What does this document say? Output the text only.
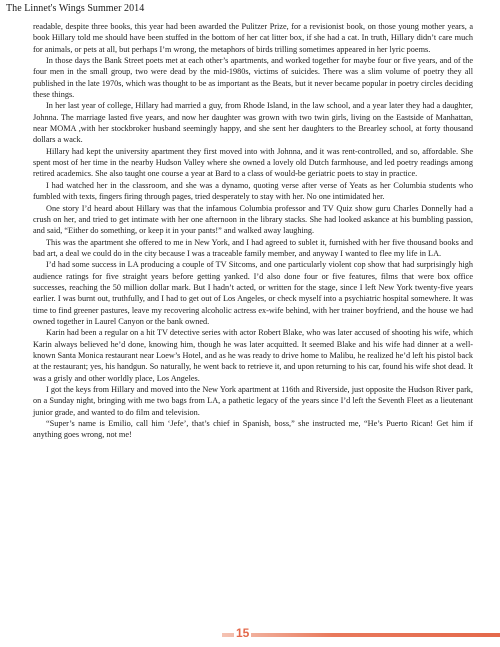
The Linnet's Wings Summer 2014

readable, despite three books, this year had been awarded the Pulitzer Prize, for a revisionist book, on those young mother years, a book Hillary told me should have been stuffed in the bottom of her cat litter box, if she had a cat. In truth, Hillary didn’t care much for animals, or pets at all, but perhaps I’m wrong, the metaphors of birds trilling sometimes appeared in her lyric poems.

In those days the Bank Street poets met at each other’s apartments, and worked together for maybe four or five years, and of the four men in the small group, two were dead by the mid-1980s, victims of suicides. There was a slim volume of poetry they all published in the late 1970s, which was thought to be as important as the Beats, but it never became popular in poetry circles deciding these things.

In her last year of college, Hillary had married a guy, from Rhode Island, in the law school, and a year later they had a daughter, Johnna. The marriage lasted five years, and now her daughter was grown with two twin girls, living on the Eastside of Manhattan, near MOMA ,with her stockbroker husband seemingly happy, and she sent her daughters to the Brearley school, at forty thousand dollars a wack.

Hillary had kept the university apartment they first moved into with Johnna, and it was rent-controlled, and so, affordable. She spent most of her time in the nearby Hudson Valley where she owned a lovely old Dutch farmhouse, and led poetry readings among retired academics. She also taught one course a year at Bard to a class of would-be geriatric poets to stay in practice.

I had watched her in the classroom, and she was a dynamo, quoting verse after verse of Yeats as her Columbia students who fumbled with texts, fingers firing through pages, tried desperately to stay with her. No one intimidated her.

One story I’d heard about Hillary was that the infamous Columbia professor and TV Quiz show guru Charles Donnelly had a crush on her, and tried to get intimate with her one afternoon in the library stacks. She had looked askance at his bumbling passion, and said, “Either do something, or keep it in your pants!” and walked away laughing.

This was the apartment she offered to me in New York, and I had agreed to sublet it, furnished with her five thousand books and bad art, a deal we could do in the city because I was a traceable family member, and anyway I wanted to flee my life in LA.

I’d had some success in LA producing a couple of TV Sitcoms, and one particularly violent cop show that had surprisingly high audience ratings for five straight years before getting yanked. I’d also done four or five features, films that were box office successes, reaching the 50 million dollar mark. But I hadn’t acted, or written for the stage, since I left New York twenty-five years earlier. I was burnt out, truthfully, and I had to get out of Los Angeles, or check myself into a psychiatric hospital somewhere. It was time to find greener pastures, leave my recovering alcoholic actress ex-wife behind, with her trainer boyfriend, and the house we had owned together in Laurel Canyon or the bank owned.

Karin had been a regular on a hit TV detective series with actor Robert Blake, who was later accused of shooting his wife, which Karin always believed he’d done, knowing him, though he was later acquitted. It seemed Blake and his wife had dinner at a well-known Santa Monica restaurant near Loew’s Hotel, and as he was ready to drive home to Malibu, he realized he’d left his pistol back at the restaurant; yes, his handgun. So naturally, he went back to retrieve it, and upon returning to his car, found his wife shot dead. It was a grisly and other worldly place, Los Angeles.

I got the keys from Hillary and moved into the New York apartment at 116th and Riverside, just opposite the Hudson River park, on a Sunday night, bringing with me two bags from LA, a pathetic legacy of the years since I’d left the Seventh Fleet as a lieutenant junior grade, and wanted to do film and television.

“Super’s name is Emilio, call him ‘Jefe’, that’s chief in Spanish, boss,” she instructed me, “He’s Puerto Rican! Get him if anything goes wrong, not me!

15
